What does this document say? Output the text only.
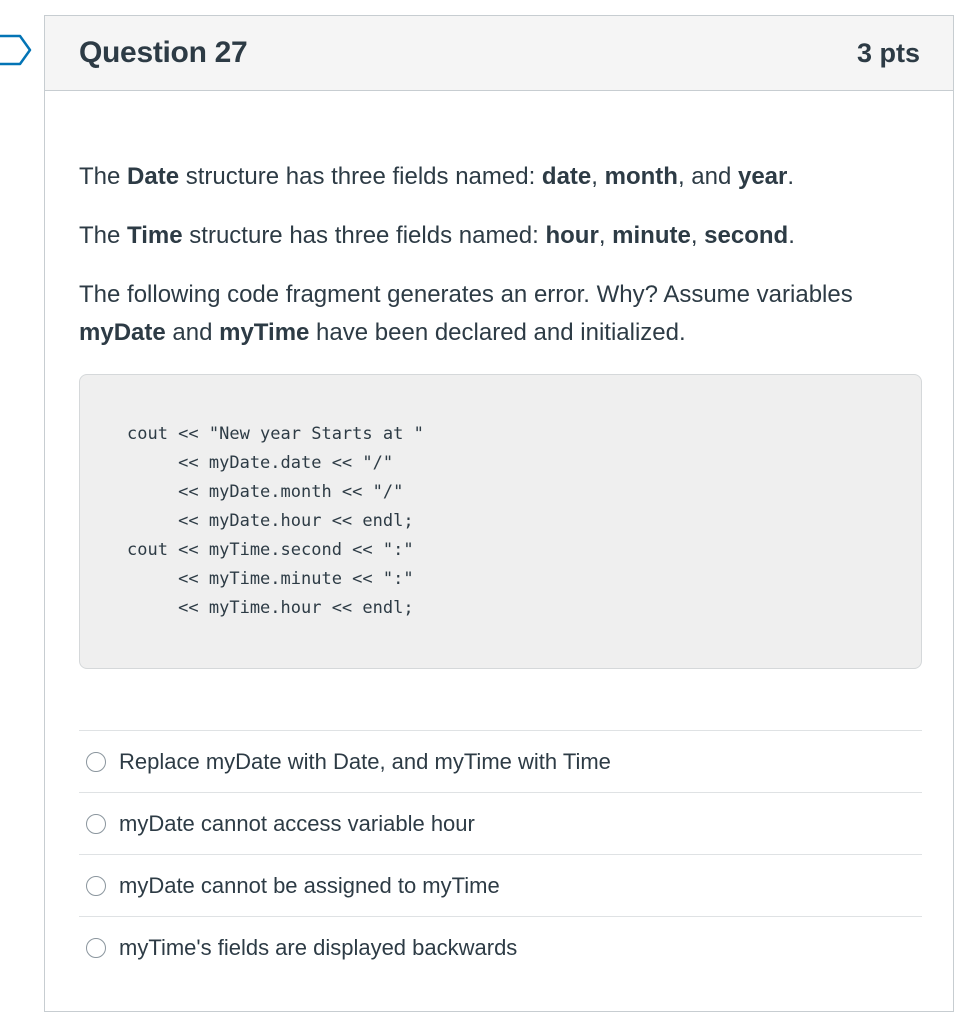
Question 27	3 pts

The Date structure has three fields named: date, month, and year.

The Time structure has three fields named: hour, minute, second.

The following code fragment generates an error. Why? Assume variables myDate and myTime have been declared and initialized.

cout << "New year Starts at "
<< myDate.date << "/"
<< myDate.month << "/"
<< myDate.hour << endl;
cout << myTime.second << ":"
<< myTime.minute << ":"
<< myTime.hour << endl;
Replace myDate with Date, and myTime with Time
myDate cannot access variable hour
myDate cannot be assigned to myTime
myTime's fields are displayed backwards
